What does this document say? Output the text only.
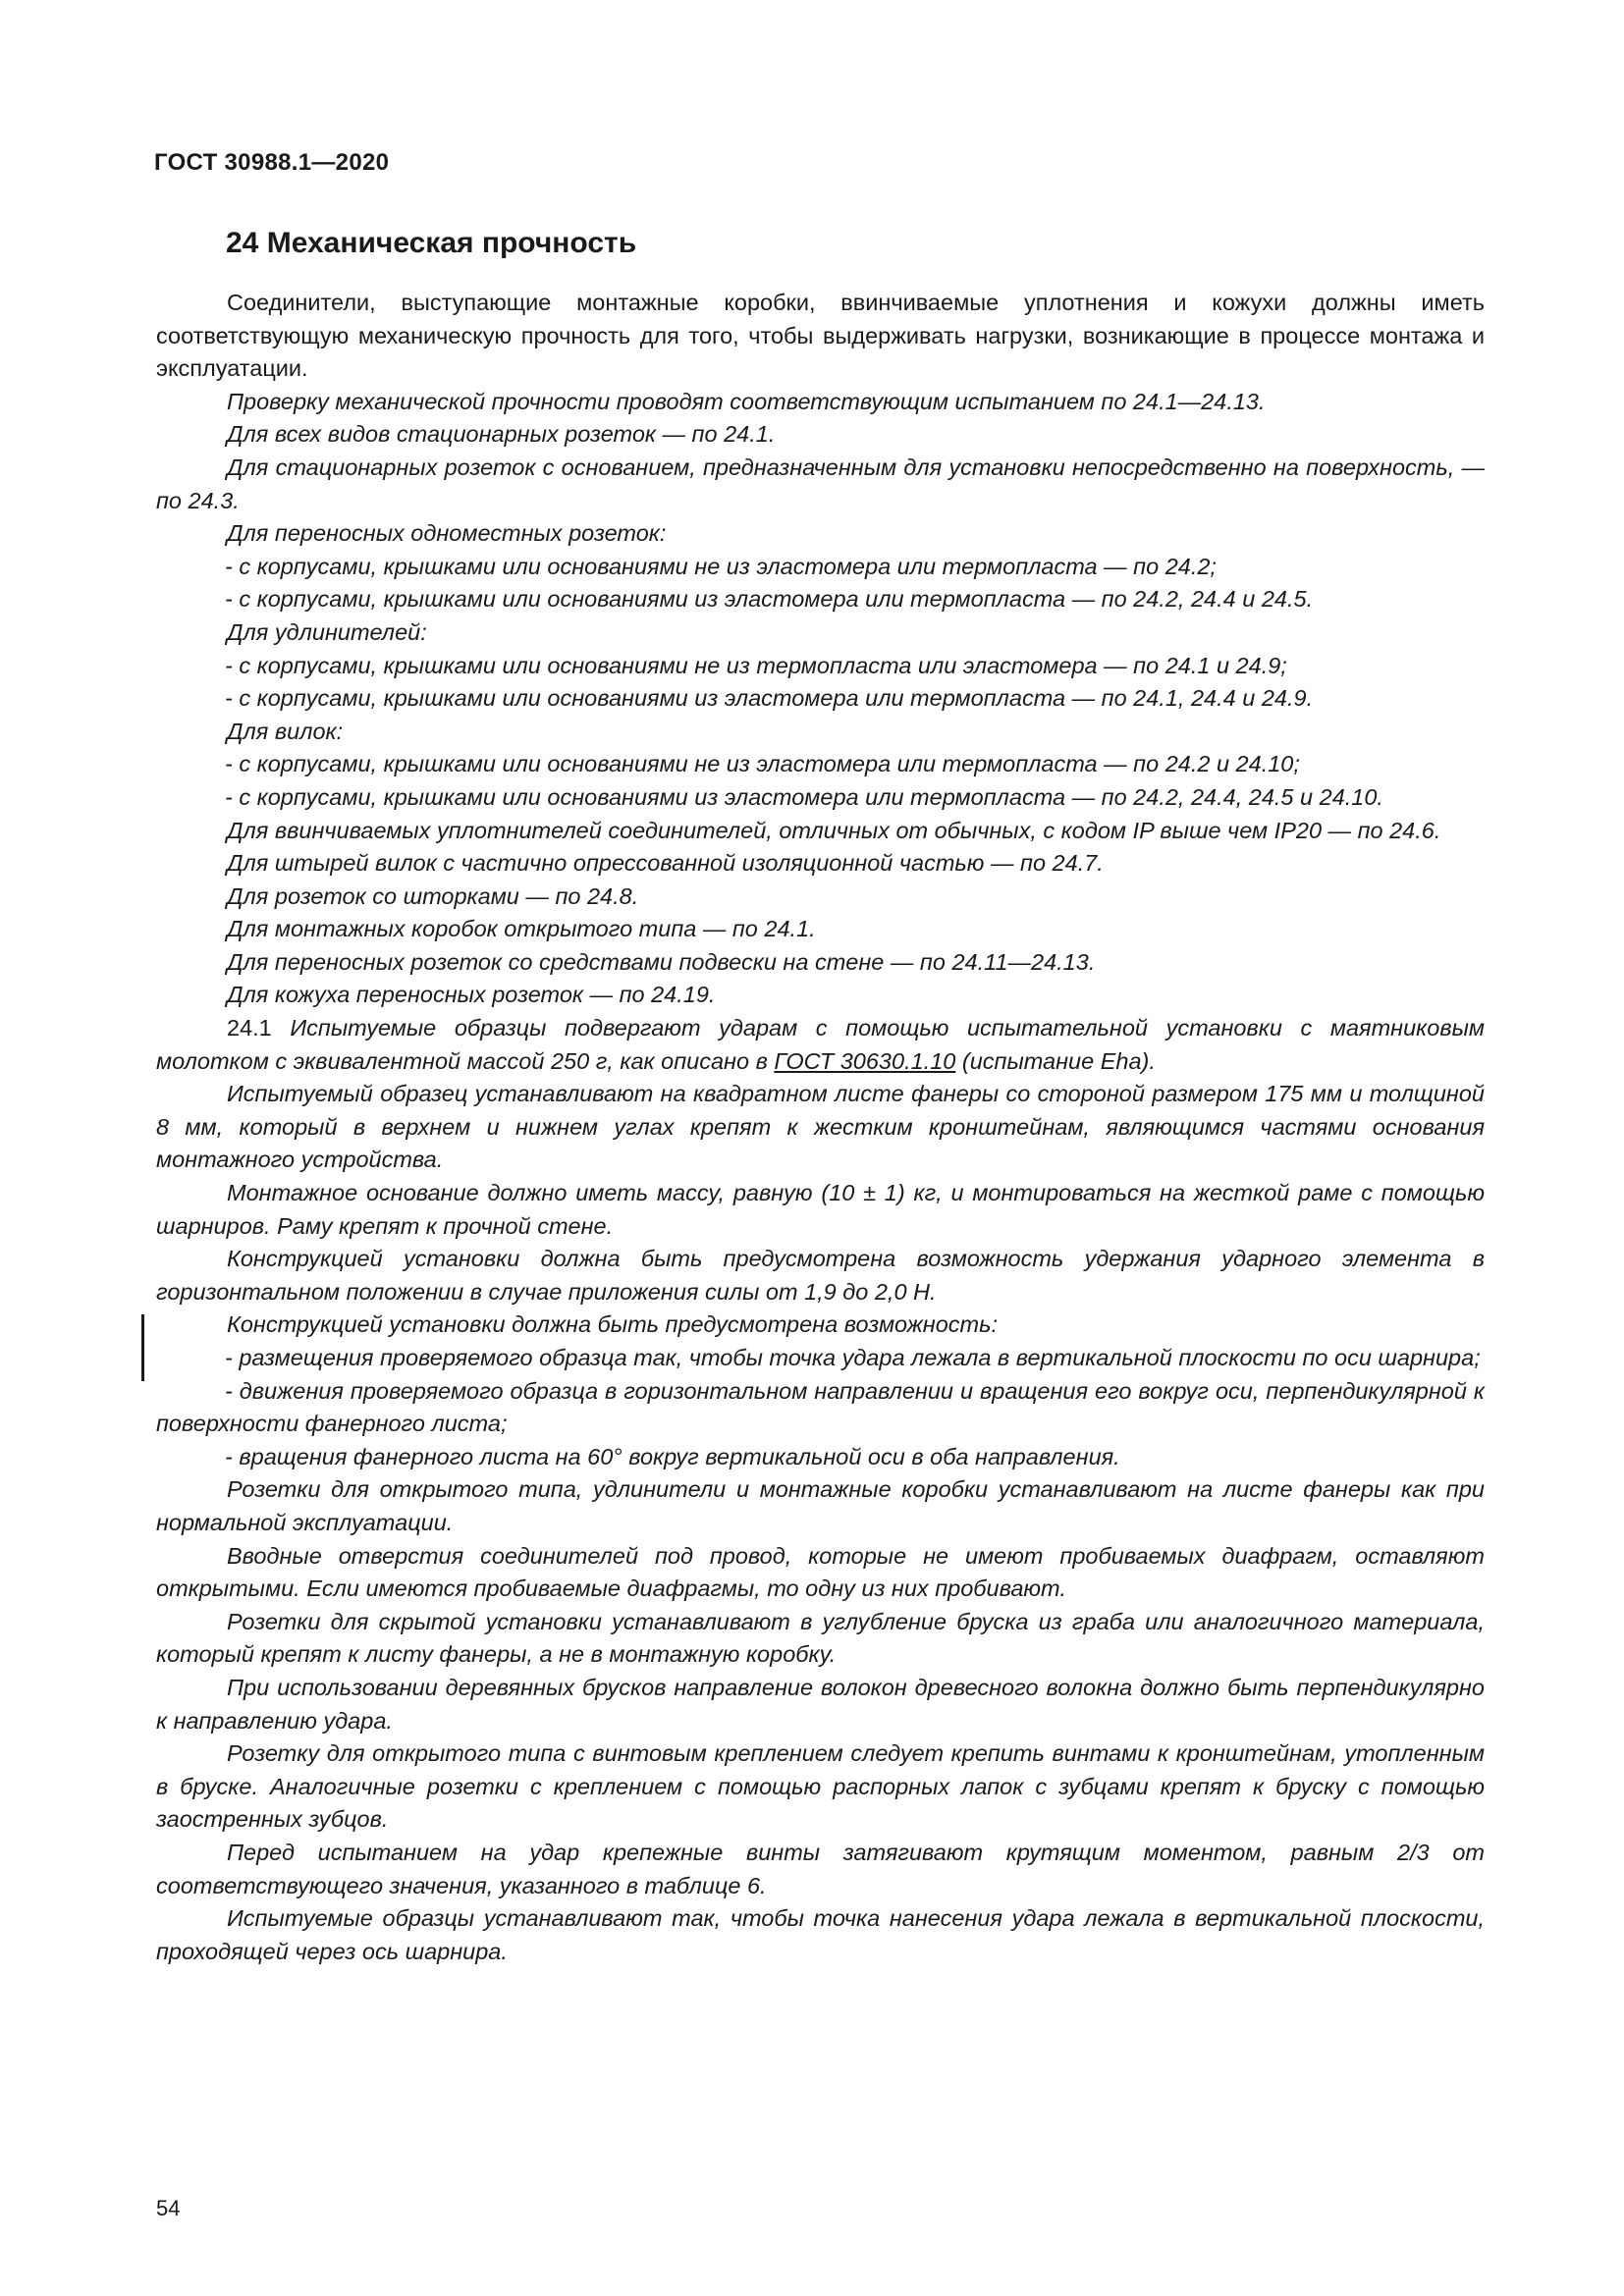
ГОСТ 30988.1—2020

24 Механическая прочность

Соединители, выступающие монтажные коробки, ввинчиваемые уплотнения и кожухи должны иметь соответствующую механическую прочность для того, чтобы выдерживать нагрузки, возникающие в процессе монтажа и эксплуатации.

Проверку механической прочности проводят соответствующим испытанием по 24.1—24.13.

Для всех видов стационарных розеток — по 24.1.

Для стационарных розеток с основанием, предназначенным для установки непосредственно на поверхность, — по 24.3.

Для переносных одноместных розеток:

- с корпусами, крышками или основаниями не из эластомера или термопласта — по 24.2;

- с корпусами, крышками или основаниями из эластомера или термопласта — по 24.2, 24.4 и 24.5.

Для удлинителей:

- с корпусами, крышками или основаниями не из термопласта или эластомера — по 24.1 и 24.9;

- с корпусами, крышками или основаниями из эластомера или термопласта — по 24.1, 24.4 и 24.9.

Для вилок:

- с корпусами, крышками или основаниями не из эластомера или термопласта — по 24.2 и 24.10;

- с корпусами, крышками или основаниями из эластомера или термопласта — по 24.2, 24.4, 24.5 и 24.10.

Для ввинчиваемых уплотнителей соединителей, отличных от обычных, с кодом IP выше чем IP20 — по 24.6.

Для штырей вилок с частично опрессованной изоляционной частью — по 24.7.

Для розеток со шторками — по 24.8.

Для монтажных коробок открытого типа — по 24.1.

Для переносных розеток со средствами подвески на стене — по 24.11—24.13.

Для кожуха переносных розеток — по 24.19.

24.1 Испытуемые образцы подвергают ударам с помощью испытательной установки с маятниковым молотком с эквивалентной массой 250 г, как описано в ГОСТ 30630.1.10 (испытание Eha).

Испытуемый образец устанавливают на квадратном листе фанеры со стороной размером 175 мм и толщиной 8 мм, который в верхнем и нижнем углах крепят к жестким кронштейнам, являющимся частями основания монтажного устройства.

Монтажное основание должно иметь массу, равную (10 ± 1) кг, и монтироваться на жесткой раме с помощью шарниров. Раму крепят к прочной стене.

Конструкцией установки должна быть предусмотрена возможность удержания ударного элемента в горизонтальном положении в случае приложения силы от 1,9 до 2,0 Н.

Конструкцией установки должна быть предусмотрена возможность:

- размещения проверяемого образца так, чтобы точка удара лежала в вертикальной плоскости по оси шарнира;

- движения проверяемого образца в горизонтальном направлении и вращения его вокруг оси, перпендикулярной к поверхности фанерного листа;

- вращения фанерного листа на 60° вокруг вертикальной оси в оба направления.

Розетки для открытого типа, удлинители и монтажные коробки устанавливают на листе фанеры как при нормальной эксплуатации.

Вводные отверстия соединителей под провод, которые не имеют пробиваемых диафрагм, оставляют открытыми. Если имеются пробиваемые диафрагмы, то одну из них пробивают.

Розетки для скрытой установки устанавливают в углубление бруска из граба или аналогичного материала, который крепят к листу фанеры, а не в монтажную коробку.

При использовании деревянных брусков направление волокон древесного волокна должно быть перпендикулярно к направлению удара.

Розетку для открытого типа с винтовым креплением следует крепить винтами к кронштейнам, утопленным в бруске. Аналогичные розетки с креплением с помощью распорных лапок с зубцами крепят к бруску с помощью заостренных зубцов.

Перед испытанием на удар крепежные винты затягивают крутящим моментом, равным 2/3 от соответствующего значения, указанного в таблице 6.

Испытуемые образцы устанавливают так, чтобы точка нанесения удара лежала в вертикальной плоскости, проходящей через ось шарнира.

54
